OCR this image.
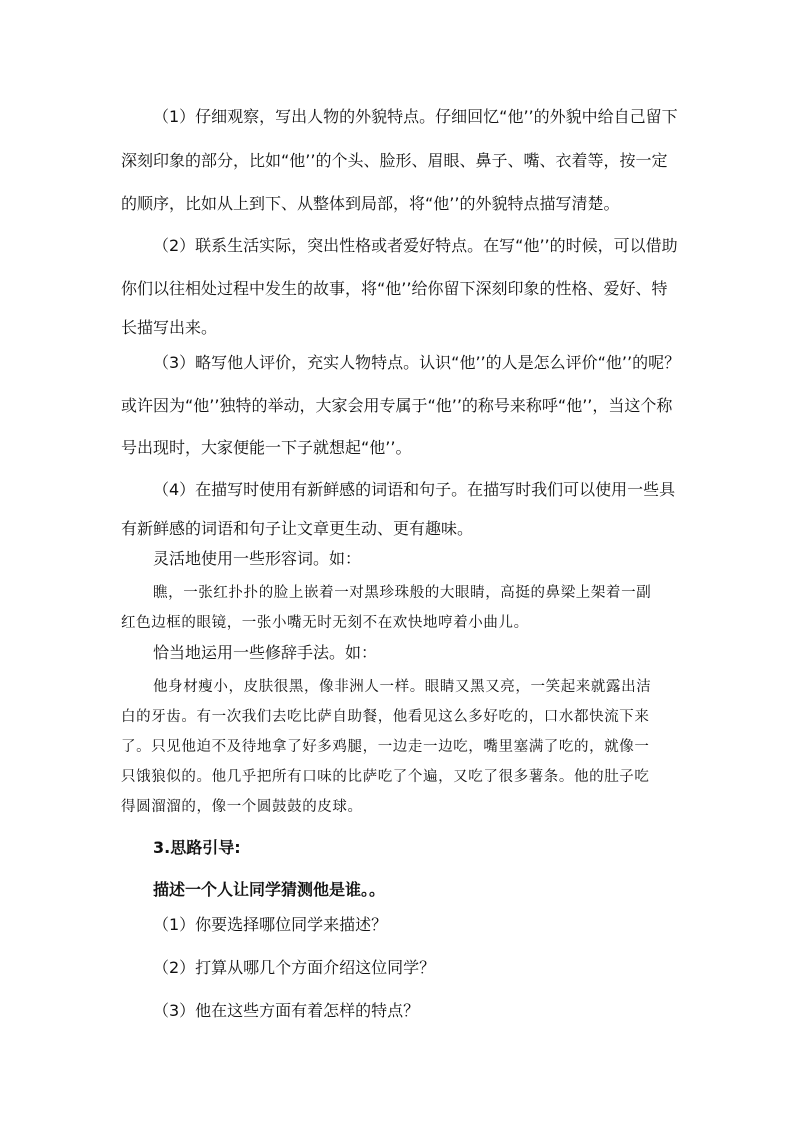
（1）仔细观察，写出人物的外貌特点。仔细回忆“他’’的外貌中给自己留下
深刻印象的部分，比如“他’’的个头、脸形、眉眼、鼻子、嘴、衣着等，按一定
的顺序，比如从上到下、从整体到局部，将“他’’的外貌特点描写清楚。
（2）联系生活实际，突出性格或者爱好特点。在写“他’’的时候，可以借助
你们以往相处过程中发生的故事，将“他’’给你留下深刻印象的性格、爱好、特
长描写出来。
（3）略写他人评价，充实人物特点。认识“他’’的人是怎么评价“他’’的呢？
或许因为“他’’独特的举动，大家会用专属于“他’’的称号来称呼“他’’，当这个称
号出现时，大家便能一下子就想起“他’’。
（4）在描写时使用有新鲜感的词语和句子。在描写时我们可以使用一些具
有新鲜感的词语和句子让文章更生动、更有趣味。
灵活地使用一些形容词。如：
瞧，一张红扑扑的脸上嵌着一对黑珍珠般的大眼睛，高挺的鼻梁上架着一副
红色边框的眼镜，一张小嘴无时无刻不在欢快地哼着小曲儿。
恰当地运用一些修辞手法。如：
他身材瘦小，皮肤很黑，像非洲人一样。眼睛又黑又亮，一笑起来就露出洁
白的牙齿。有一次我们去吃比萨自助餐，他看见这么多好吃的，口水都快流下来
了。只见他迫不及待地拿了好多鸡腿，一边走一边吃，嘴里塞满了吃的，就像一
只饿狼似的。他几乎把所有口味的比萨吃了个遍，又吃了很多薯条。他的肚子吃
得圆溜溜的，像一个圆鼓鼓的皮球。
3.思路引导:
描述一个人让同学猜测他是谁。。
（1）你要选择哪位同学来描述？
（2）打算从哪几个方面介绍这位同学？
（3）他在这些方面有着怎样的特点？
